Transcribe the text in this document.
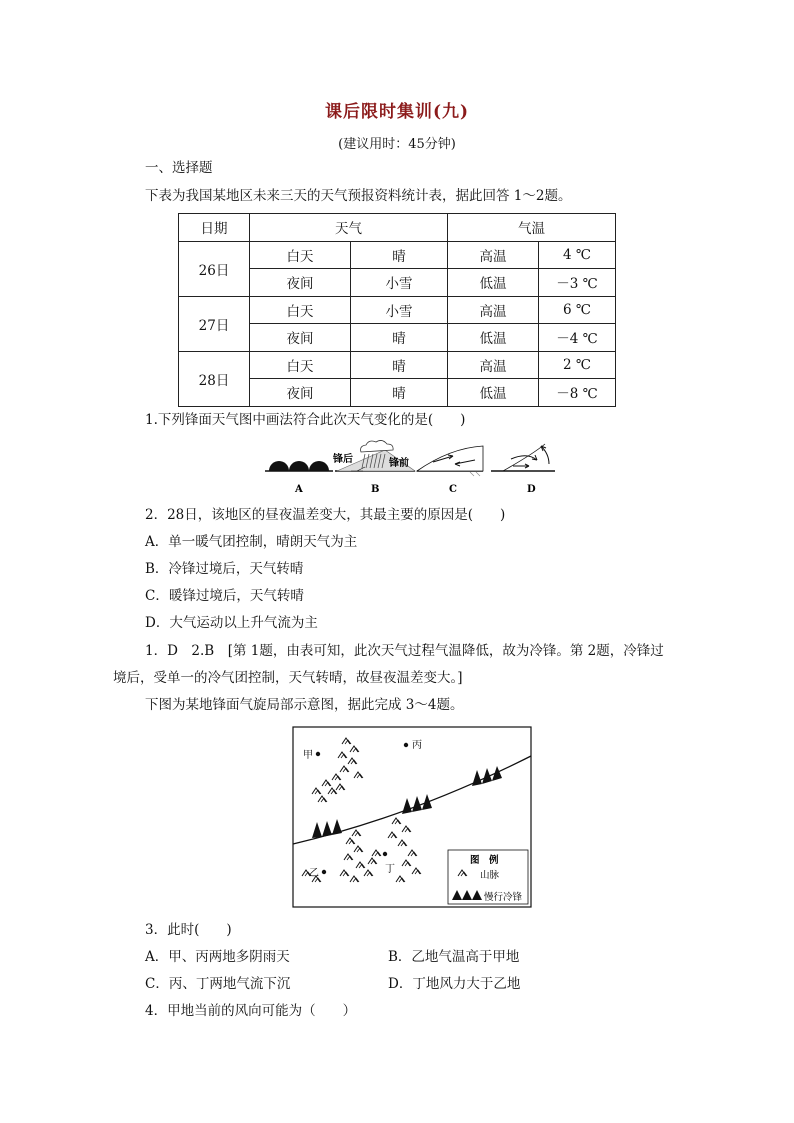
课后限时集训(九)
(建议用时：45分钟)
一、选择题
下表为我国某地区未来三天的天气预报资料统计表，据此回答 1～2题。
日期	天气		气温	
26日	白天	晴	高温	4 ℃
	夜间	小雪	低温	－3 ℃
27日	白天	小雪	高温	6 ℃
	夜间	晴	低温	－4 ℃
28日	白天	晴	高温	2 ℃
	夜间	晴	低温	－8 ℃
1.下列锋面天气图中画法符合此次天气变化的是(　　)
锋后	锋前
A	B	C	D
2．28日，该地区的昼夜温差变大，其最主要的原因是(　　)
A．单一暖气团控制，晴朗天气为主
B．冷锋过境后，天气转晴
C．暖锋过境后，天气转晴
D．大气运动以上升气流为主
1．D　2.B　[第 1题，由表可知，此次天气过程气温降低，故为冷锋。第 2题，冷锋过
境后，受单一的冷气团控制，天气转晴，故昼夜温差变大。]
下图为某地锋面气旋局部示意图，据此完成 3～4题。
甲
丙
乙	丁
图　例
山脉
慢行冷锋
3．此时(　　)
A．甲、丙两地多阴雨天	B．乙地气温高于甲地
C．丙、丁两地气流下沉	D．丁地风力大于乙地
4．甲地当前的风向可能为（　　）
